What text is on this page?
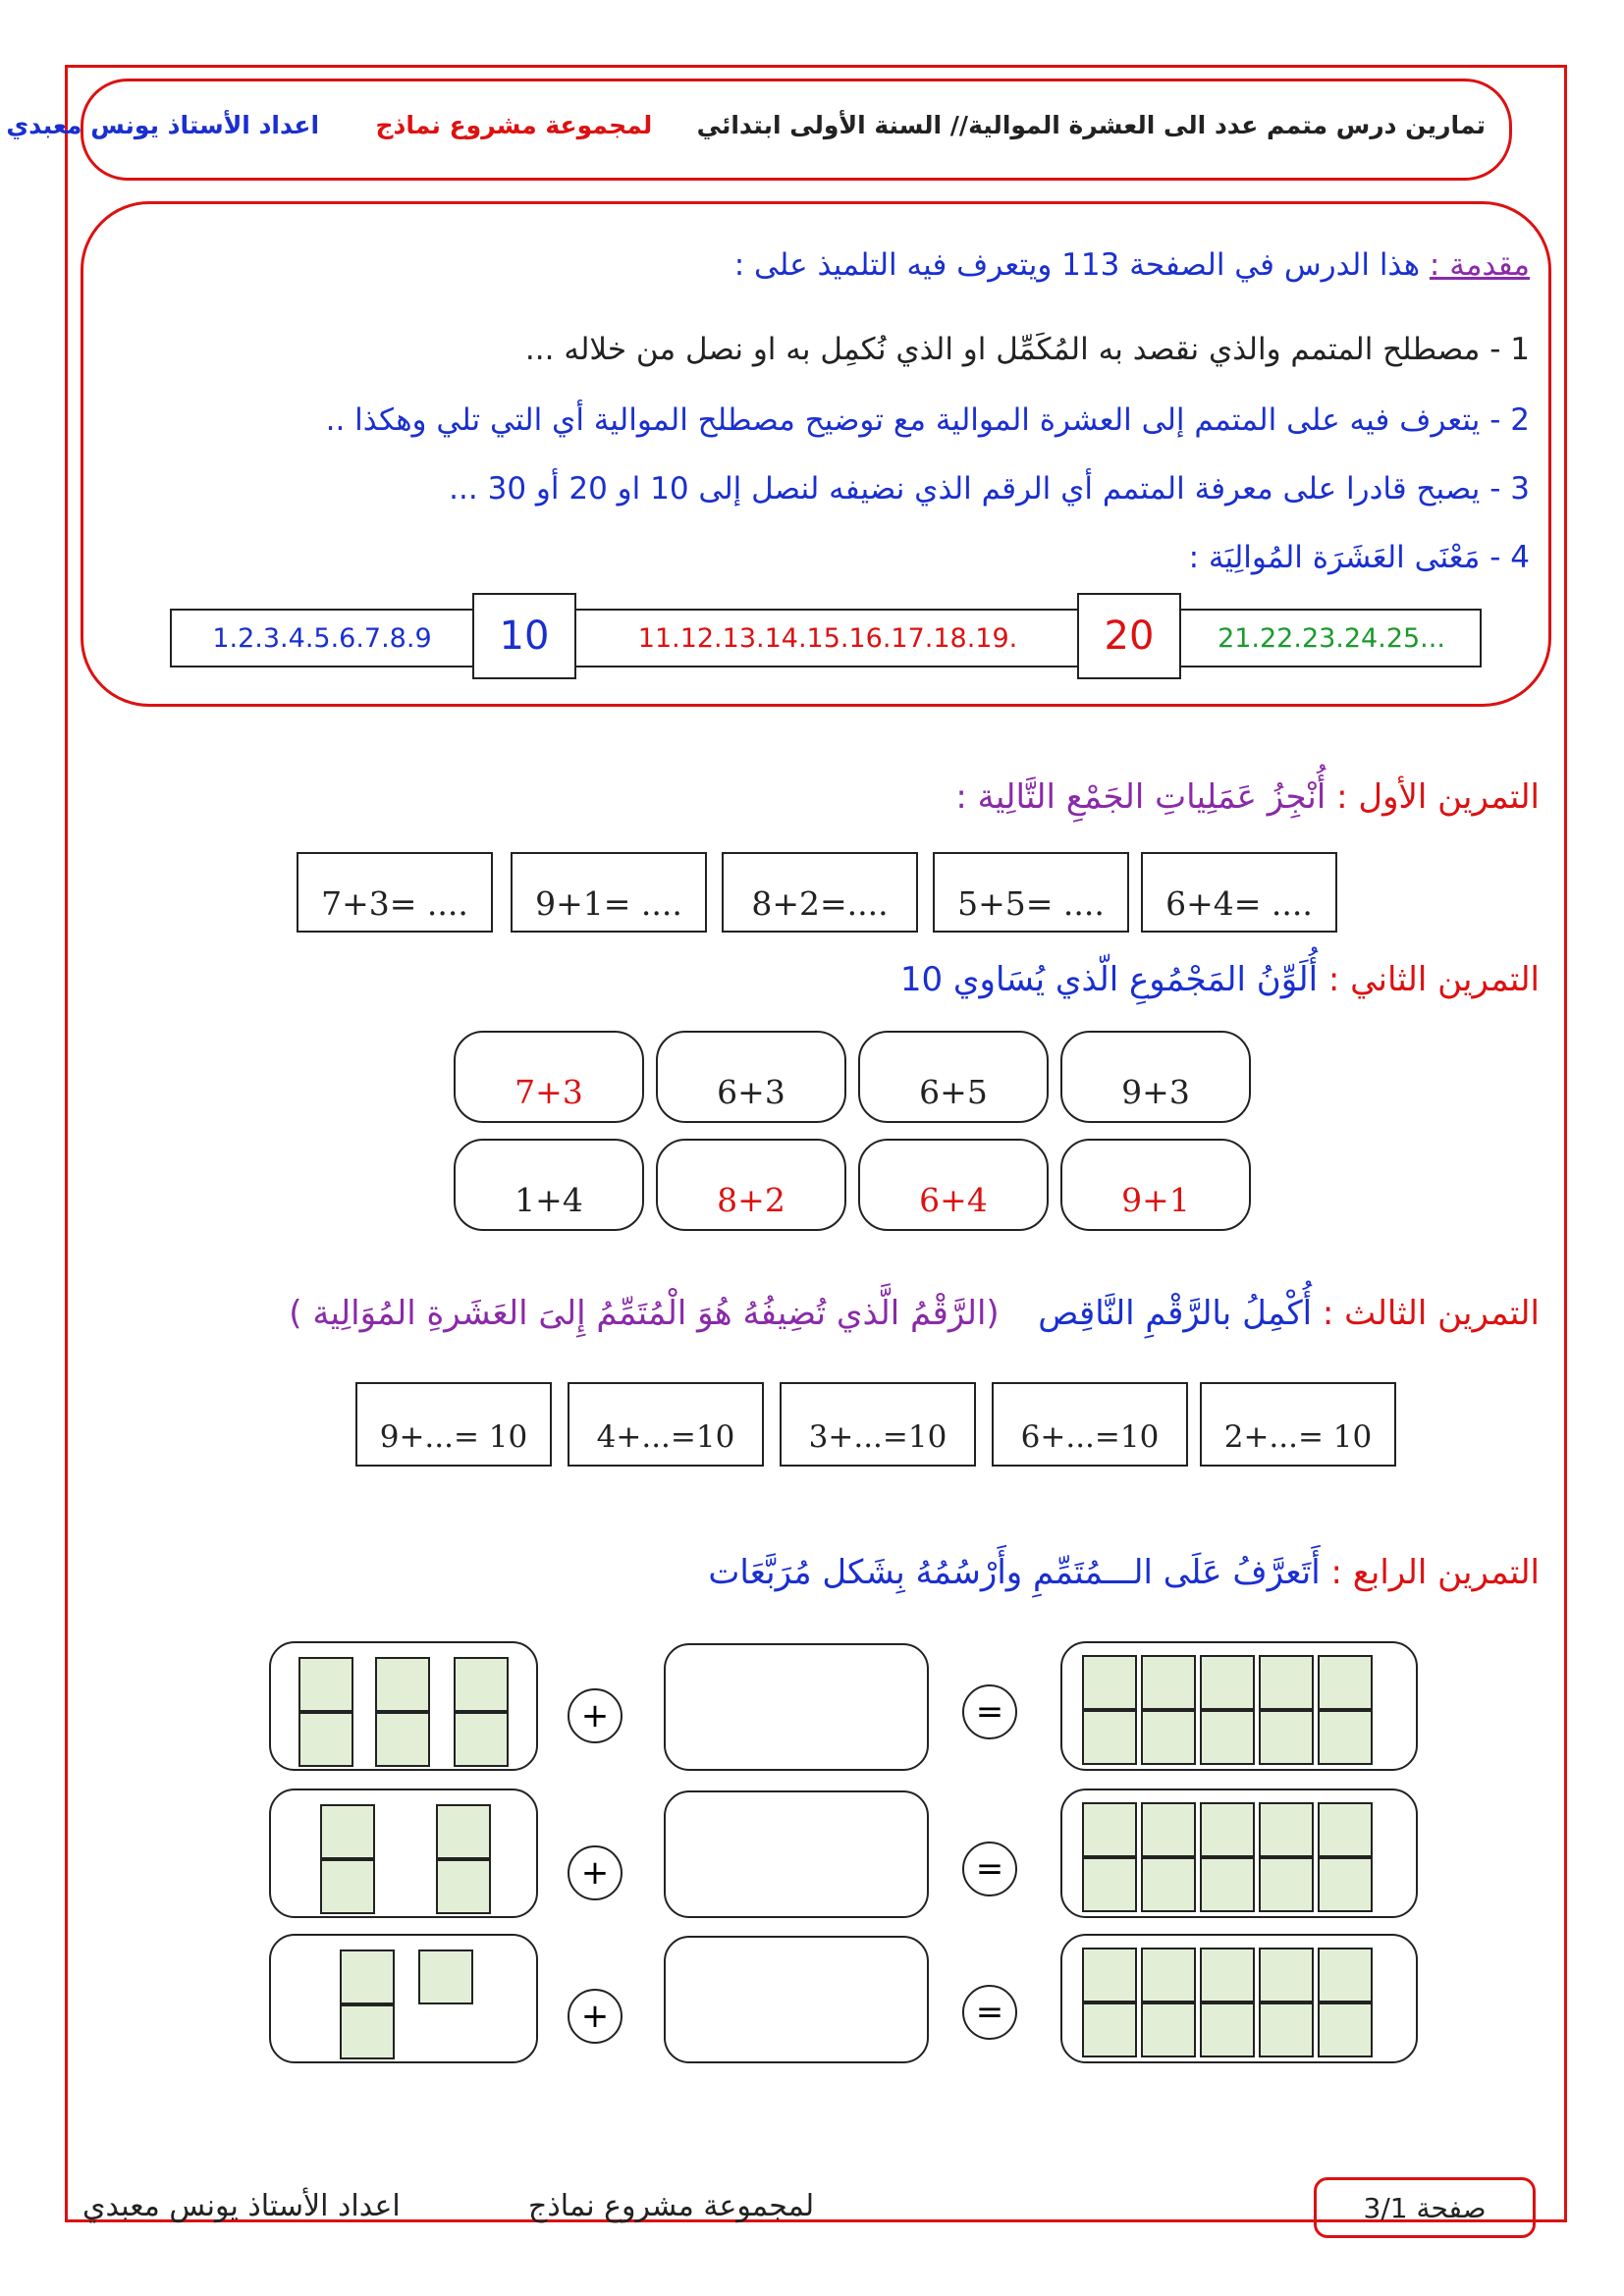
تمارين درس متمم عدد الى العشرة الموالية// السنة الأولى ابتدائي  لمجموعة مشروع نماذج  اعداد الأستاذ يونس معبدي
مقدمة : هذا الدرس في الصفحة 113 ويتعرف فيه التلميذ على :
1 - مصطلح المتمم والذي نقصد به المُكَمِّل او الذي نُكمِل به او نصل من خلاله ...
2 - يتعرف فيه على المتمم إلى العشرة الموالية مع توضيح مصطلح الموالية أي التي تلي وهكذا ..
3 - يصبح قادرا على معرفة المتمم أي الرقم الذي نضيفه لنصل إلى 10 او 20 أو 30 ...
4 - مَعْنَى العَشَرَة المُوالِيَة :
1.2.3.4.5.6.7.8.9	10	11.12.13.14.15.16.17.18.19.	20	21.22.23.24.25...
التمرين الأول : أُنْجِزُ عَمَلِياتِ الجَمْعِ التَّالِية :
6+4= ....
5+5= ....
8+2=....
9+1= ....
7+3= ....
التمرين الثاني : أُلَوِّنُ المَجْمُوعِ الّذي يُسَاوي 10
7+3	6+3	6+5	9+3
1+4	8+2	6+4	9+1
التمرين الثالث : أُكْمِلُ بالرَّقْمِ النَّاقِص  (الرَّقْمُ الَّذي تُضِيفُهُ هُوَ الْمُتَمِّمُ إِلىَ العَشَرةِ المُوَالِية )
9+...= 10	4+...=10	3+...=10	6+...=10	2+...= 10
التمرين الرابع : أَتَعرَّفُ عَلَى الـــمُتَمِّمِ وأَرْسُمُهُ بِشَكل مُرَبَّعَات
+	=
+	=
+	=
صفحة 3/1
لمجموعة مشروع نماذج
اعداد الأستاذ يونس معبدي
